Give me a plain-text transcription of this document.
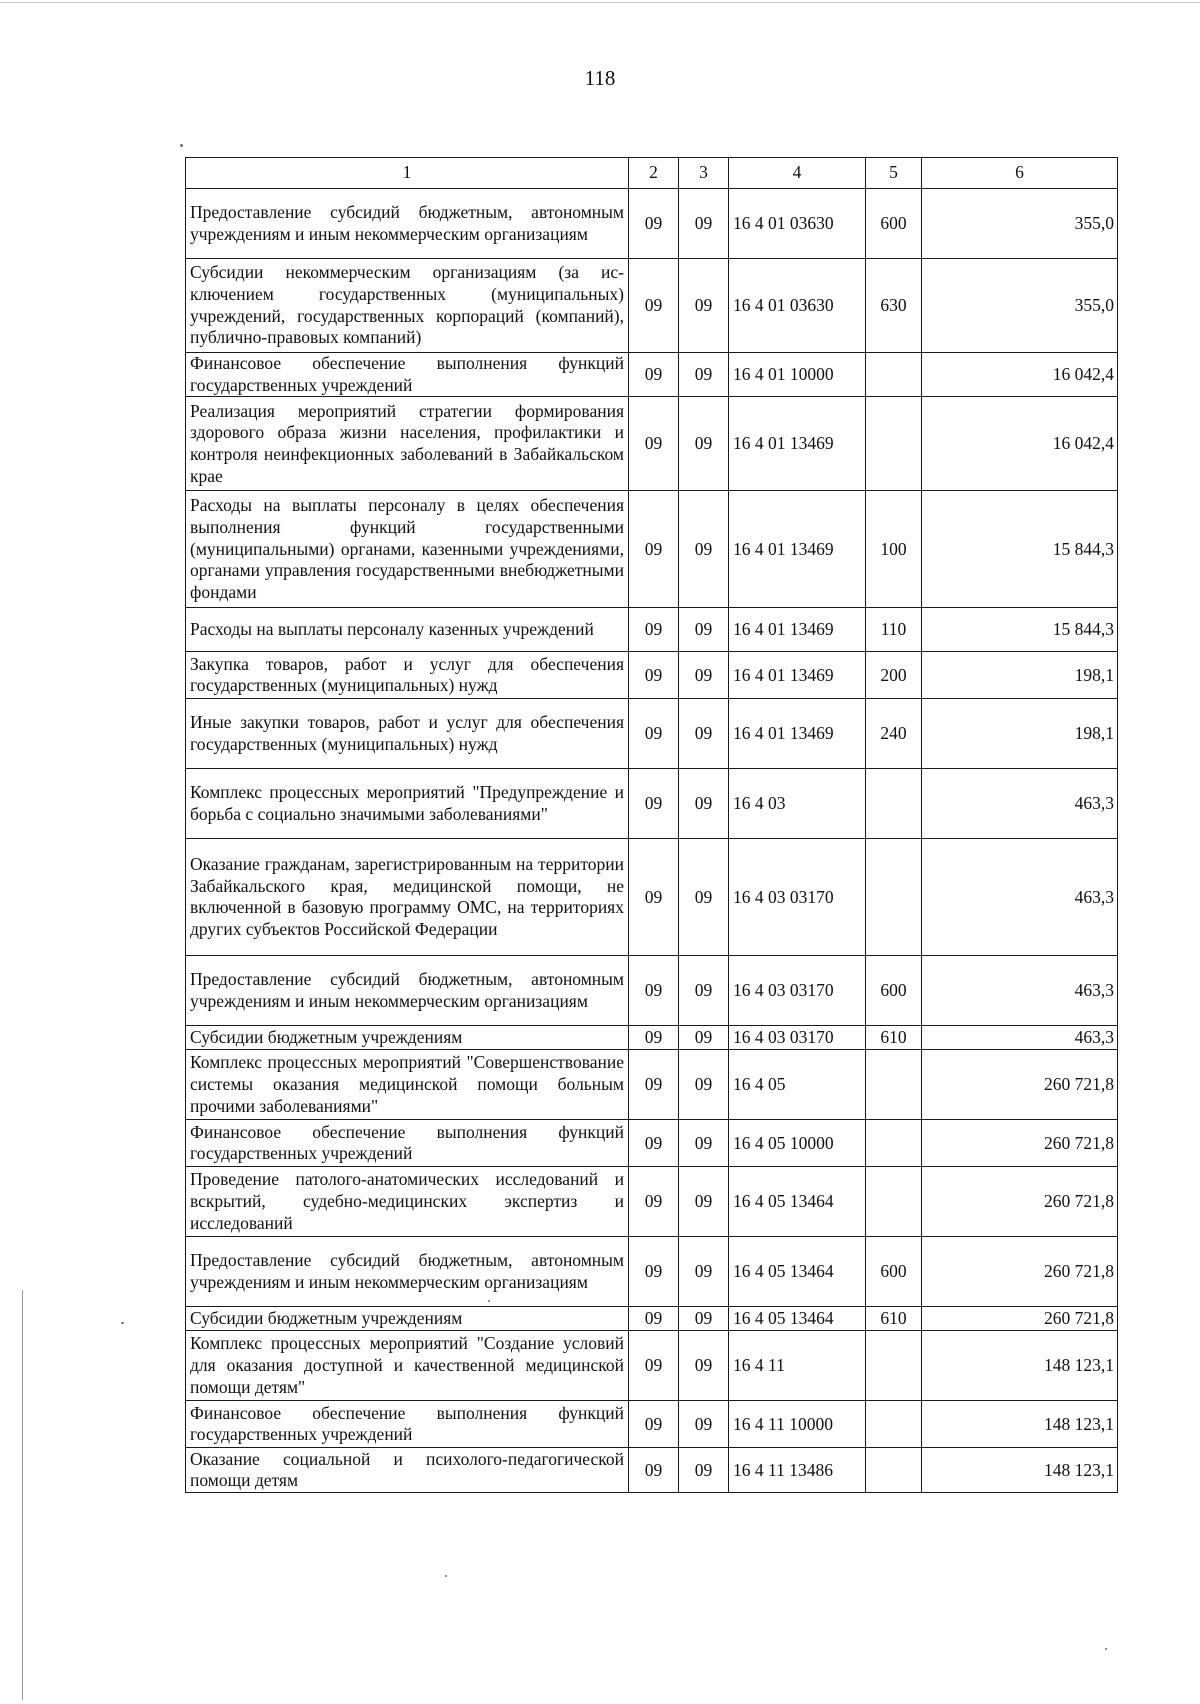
118
1	2	3	4	5	6
Предоставление субсидий бюджетным, автономным учреждениям и иным некоммерческим организациям	09	09	16 4 01 03630	600	355,0
Субсидии некоммерческим организациям (за исключением государственных (муниципальных) учреждений, государственных корпораций (компаний), публично-правовых компаний)	09	09	16 4 01 03630	630	355,0
Финансовое обеспечение выполнения функций государственных учреждений	09	09	16 4 01 10000		16 042,4
Реализация мероприятий стратегии формирования здорового образа жизни населения, профилактики и контроля неинфекционных заболеваний в Забайкальском крае	09	09	16 4 01 13469		16 042,4
Расходы на выплаты персоналу в целях обеспечения выполнения функций государственными (муниципальными) органами, казенными учреждениями, органами управления государственными внебюджетными фондами	09	09	16 4 01 13469	100	15 844,3
Расходы на выплаты персоналу казенных учреждений	09	09	16 4 01 13469	110	15 844,3
Закупка товаров, работ и услуг для обеспечения государственных (муниципальных) нужд	09	09	16 4 01 13469	200	198,1
Иные закупки товаров, работ и услуг для обеспечения государственных (муниципальных) нужд	09	09	16 4 01 13469	240	198,1
Комплекс процессных мероприятий "Предупреждение и борьба с социально значимыми заболеваниями"	09	09	16 4 03		463,3
Оказание гражданам, зарегистрированным на территории Забайкальского края, медицинской помощи, не включенной в базовую программу ОМС, на территориях других субъектов Российской Федерации	09	09	16 4 03 03170		463,3
Предоставление субсидий бюджетным, автономным учреждениям и иным некоммерческим организациям	09	09	16 4 03 03170	600	463,3
Субсидии бюджетным учреждениям	09	09	16 4 03 03170	610	463,3
Комплекс процессных мероприятий "Совершенствование системы оказания медицинской помощи больным прочими заболеваниями"	09	09	16 4 05		260 721,8
Финансовое обеспечение выполнения функций государственных учреждений	09	09	16 4 05 10000		260 721,8
Проведение патолого-анатомических исследований и вскрытий, судебно-медицинских экспертиз и исследований	09	09	16 4 05 13464		260 721,8
Предоставление субсидий бюджетным, автономным учреждениям и иным некоммерческим организациям	09	09	16 4 05 13464	600	260 721,8
Субсидии бюджетным учреждениям	09	09	16 4 05 13464	610	260 721,8
Комплекс процессных мероприятий "Создание условий для оказания доступной и качественной медицинской помощи детям"	09	09	16 4 11		148 123,1
Финансовое обеспечение выполнения функций государственных учреждений	09	09	16 4 11 10000		148 123,1
Оказание социальной и психолого-педагогической помощи детям	09	09	16 4 11 13486		148 123,1
